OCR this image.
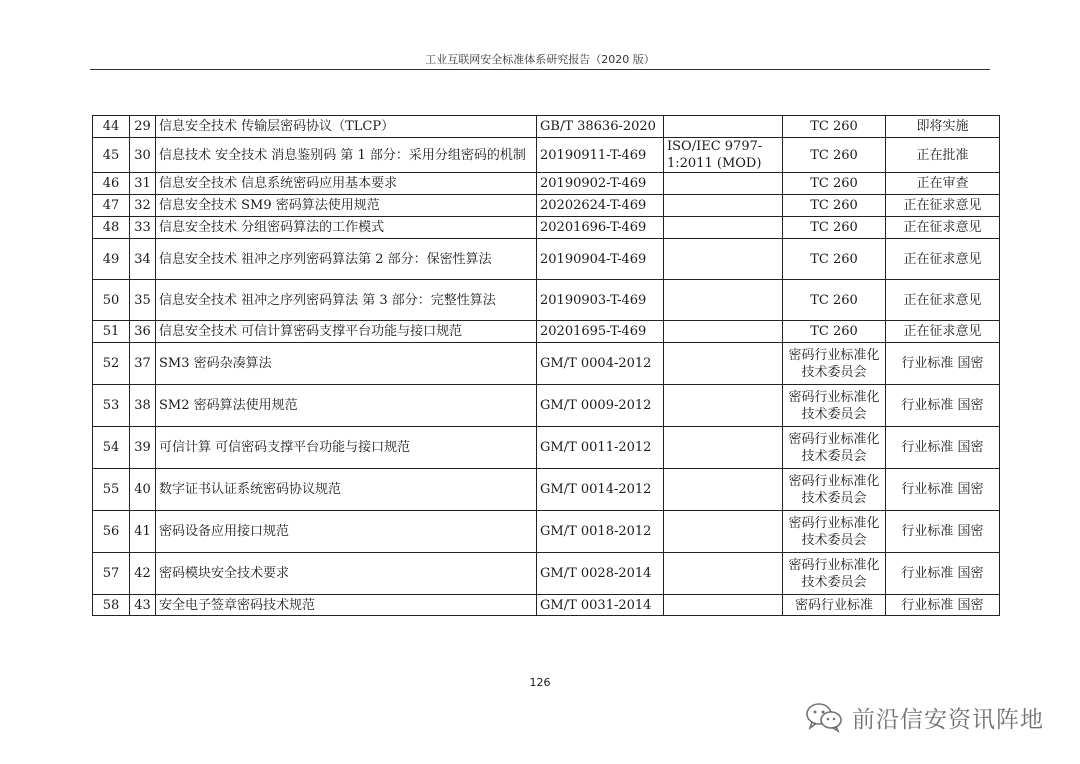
工业互联网安全标准体系研究报告（2020 版）
44	29	信息安全技术 传输层密码协议（TLCP）	GB/T 38636-2020		TC 260	即将实施
45	30	信息技术 安全技术 消息鉴别码 第 1 部分：采用分组密码的机制	20190911-T-469	ISO/IEC 9797-1:2011 (MOD)	TC 260	正在批准
46	31	信息安全技术 信息系统密码应用基本要求	20190902-T-469		TC 260	正在审查
47	32	信息安全技术 SM9 密码算法使用规范	20202624-T-469		TC 260	正在征求意见
48	33	信息安全技术 分组密码算法的工作模式	20201696-T-469		TC 260	正在征求意见
49	34	信息安全技术 祖冲之序列密码算法第 2 部分：保密性算法	20190904-T-469		TC 260	正在征求意见
50	35	信息安全技术 祖冲之序列密码算法 第 3 部分：完整性算法	20190903-T-469		TC 260	正在征求意见
51	36	信息安全技术 可信计算密码支撑平台功能与接口规范	20201695-T-469		TC 260	正在征求意见
52	37	SM3 密码杂凑算法	GM/T 0004-2012		密码行业标准化技术委员会	行业标准 国密
53	38	SM2 密码算法使用规范	GM/T 0009-2012		密码行业标准化技术委员会	行业标准 国密
54	39	可信计算 可信密码支撑平台功能与接口规范	GM/T 0011-2012		密码行业标准化技术委员会	行业标准 国密
55	40	数字证书认证系统密码协议规范	GM/T 0014-2012		密码行业标准化技术委员会	行业标准 国密
56	41	密码设备应用接口规范	GM/T 0018-2012		密码行业标准化技术委员会	行业标准 国密
57	42	密码模块安全技术要求	GM/T 0028-2014		密码行业标准化技术委员会	行业标准 国密
58	43	安全电子签章密码技术规范	GM/T 0031-2014		密码行业标准	行业标准 国密
126
前沿信安资讯阵地
